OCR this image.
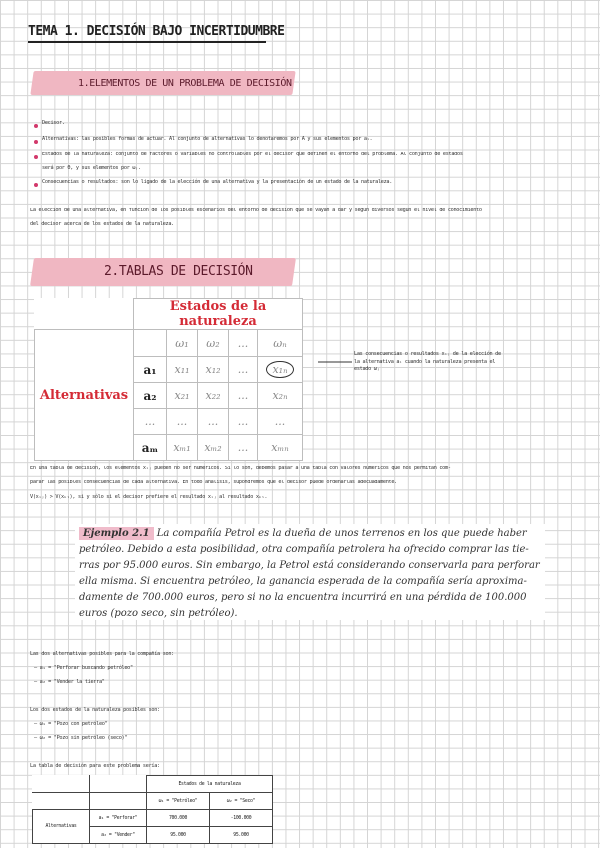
TEMA 1. DECISIÓN BAJO INCERTIDUMBRE
1.ELEMENTOS DE UN PROBLEMA DE DECISIÓN
Decisor.
Alternativas: las posibles formas de actuar. Al conjunto de alternativas lo denotaremos por A y sus elementos por aᵢ.
Estados de la naturaleza: conjunto de factores o variables no controlables por el decisor que definen el entorno del problema. Al conjunto de estados
será por Θ, y sus elementos por ωⱼ.
Consecuencias o resultados: son lo ligado de la elección de una alternativa y la presentación de un estado de la naturaleza.
La elección de una alternativa, en función de los posibles escenarios del entorno de decisión que se vayan a dar y según diversos según el nivel de conocimiento
del decisor acerca de los estados de la naturaleza.
2.TABLAS DE DECISIÓN
	Estados de la naturaleza				
Alternativas		ω₁	ω₂	...	ωₙ
	a₁	x₁₁	x₁₂	...	x₁ₙ
	a₂	x₂₁	x₂₂	...	x₂ₙ
	...	...	...	...	...
	aₘ	xₘ₁	xₘ₂	...	xₘₙ
Las consecuencias o resultados xᵢⱼ de la elección de
la alternativa aᵢ cuando la naturaleza presenta el
estado ωⱼ
En una tabla de decisión, los elementos xᵢⱼ pueden no ser numéricos. Si lo son, debemos pasar a una tabla con valores numéricos que nos permitan com-
parar las posibles consecuencias de cada alternativa. En todo análisis, supondremos que el decisor puede ordenarlas adecuadamente.
V(xᵢⱼ) > V(xₖₗ), si y sólo si el decisor prefiere el resultado xᵢⱼ al resultado xₖₗ.
Ejemplo 2.1 La compañía Petrol es la dueña de unos terrenos en los que puede haber
petróleo. Debido a esta posibilidad, otra compañía petrolera ha ofrecido comprar las tie-
rras por 95.000 euros. Sin embargo, la Petrol está considerando conservarla para perforar
ella misma. Si encuentra petróleo, la ganancia esperada de la compañía sería aproxima-
damente de 700.000 euros, pero si no la encuentra incurrirá en una pérdida de 100.000
euros (pozo seco, sin petróleo).
Las dos alternativas posibles para la compañía son:
– a₁ = "Perforar buscando petróleo"
– a₂ = "Vender la tierra"
Los dos estados de la naturaleza posibles son:
– ω₁ = "Pozo con petróleo"
– ω₂ = "Pozo sin petróleo (seco)"
La tabla de decisión para este problema sería:
		Estados de la naturaleza	
		ω₁ = "Petróleo"	ω₂ = "Seco"
Alternativas	a₁ = "Perforar"	700.000	-100.000
	a₂ = "Vender"	95.000	95.000
